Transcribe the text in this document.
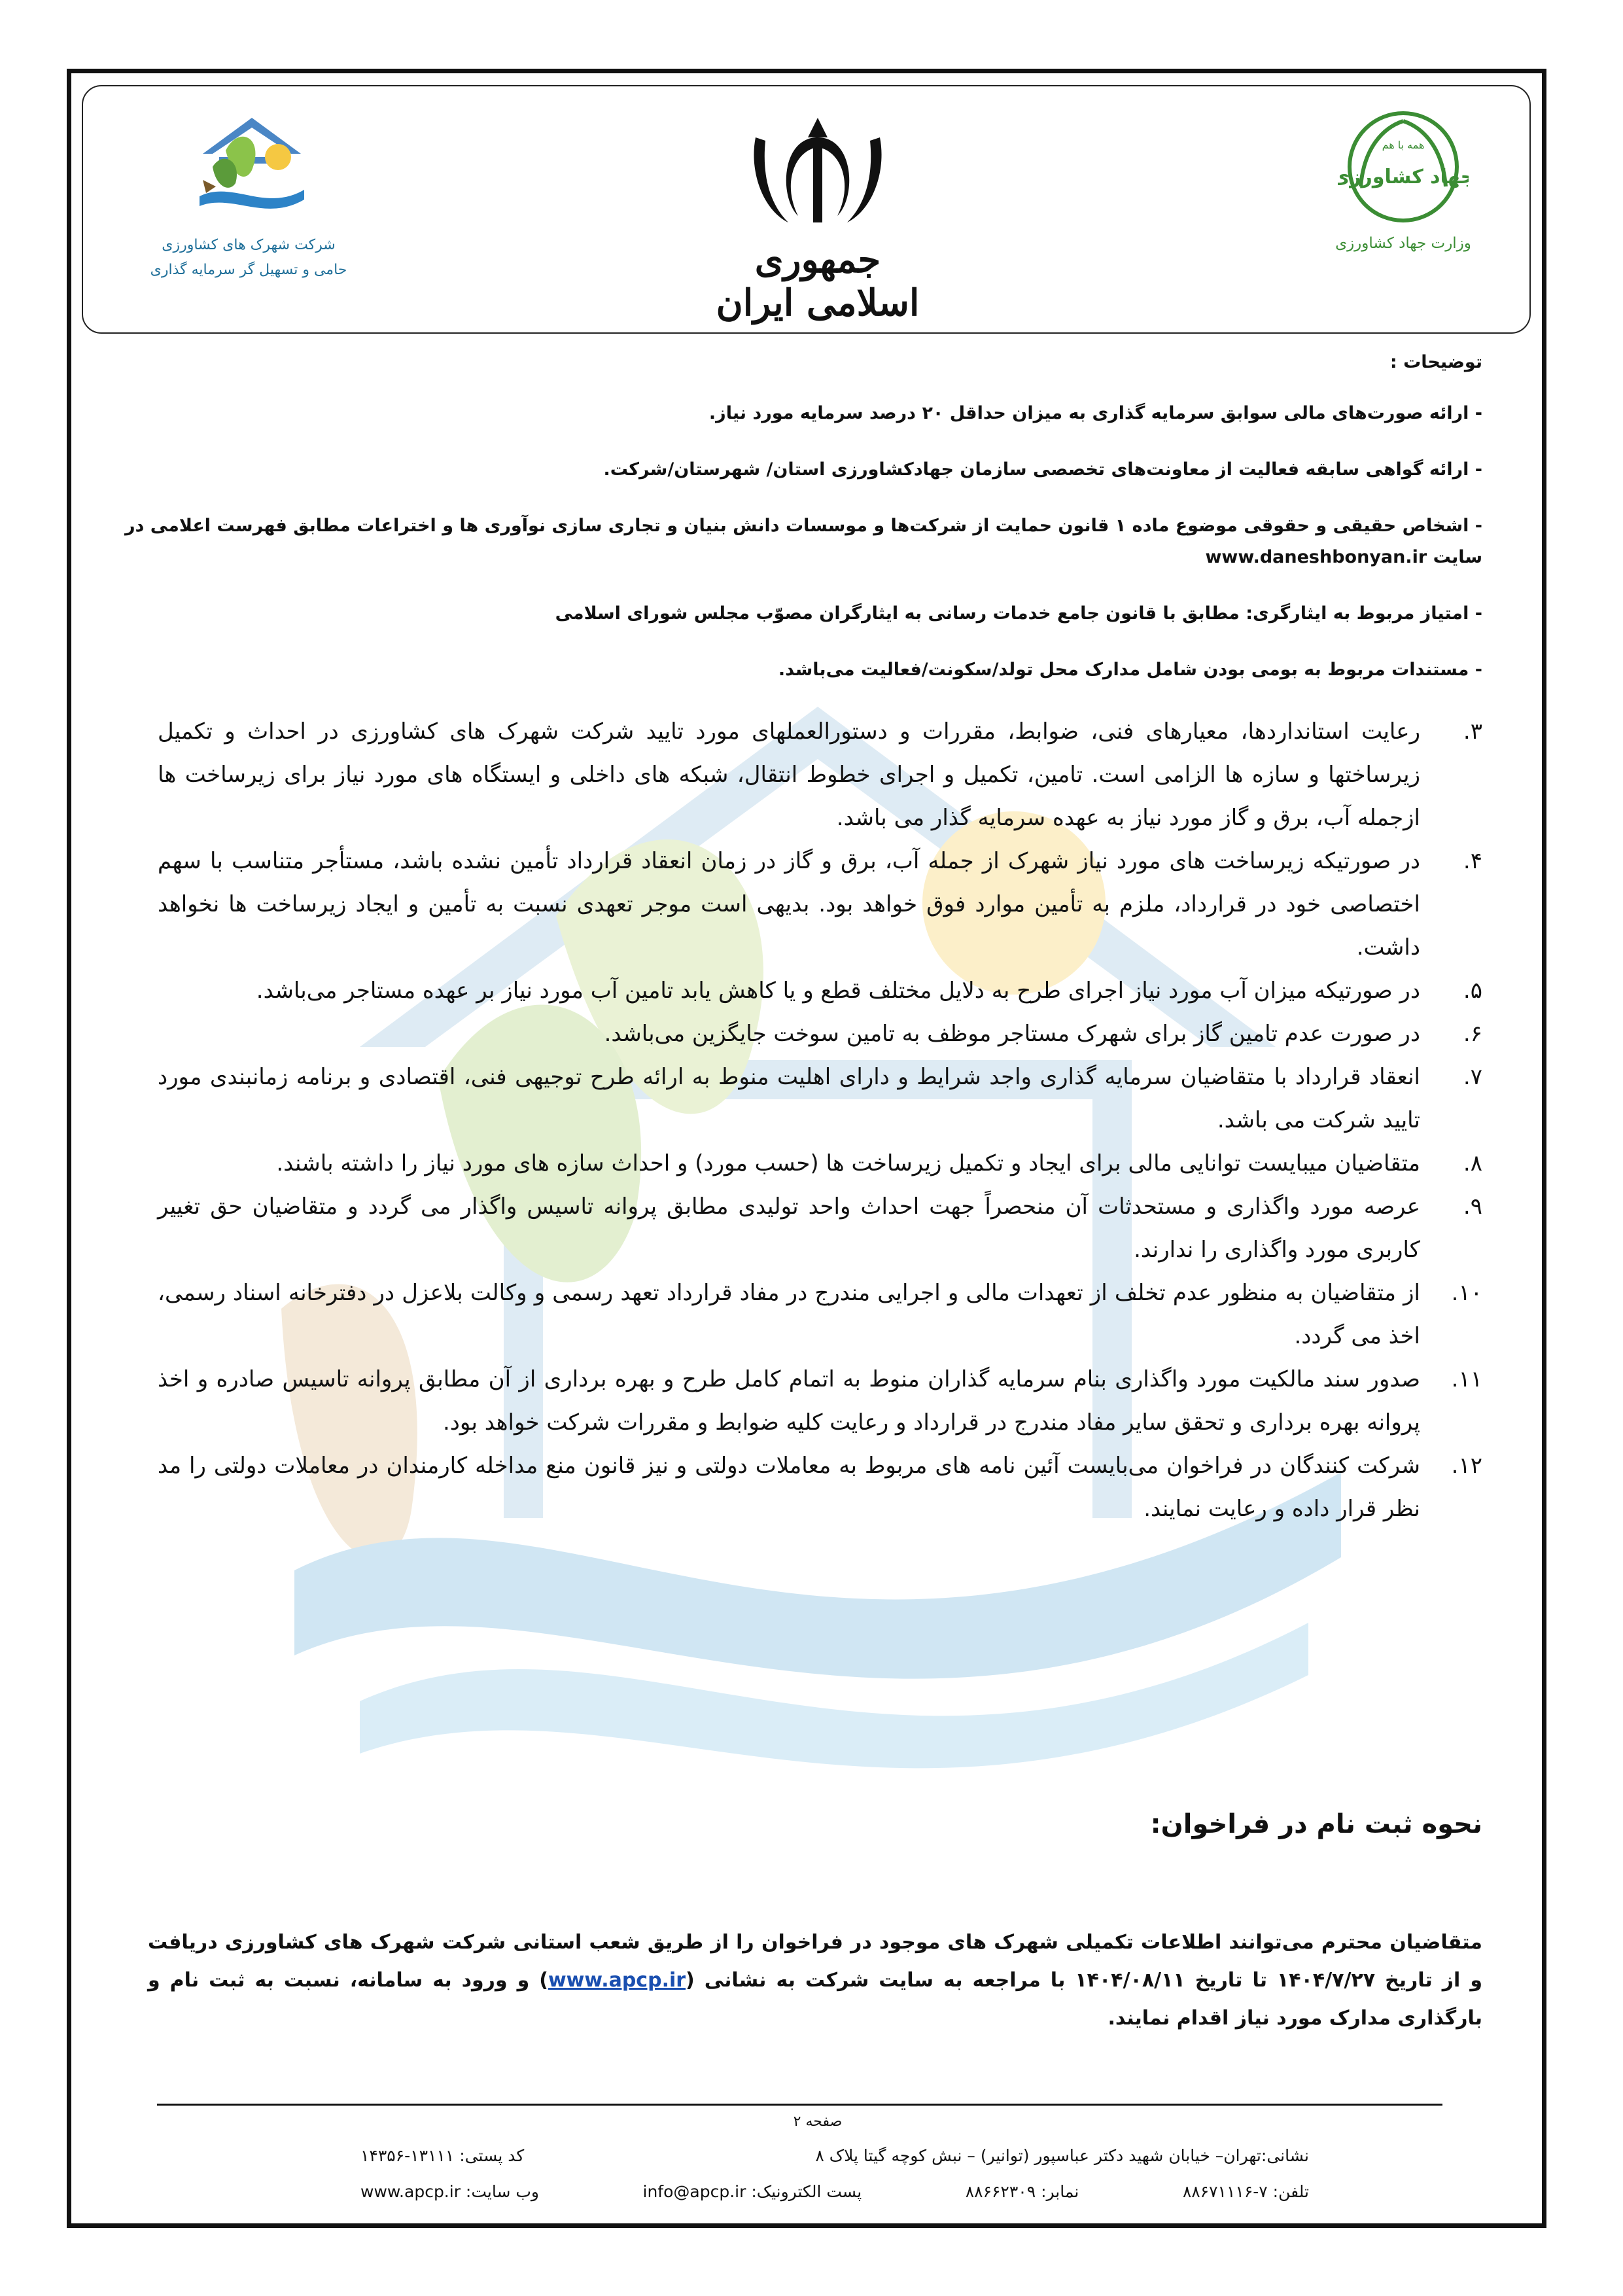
شرکت شهرک های کشاورزی
حامی و تسهیل گر سرمایه گذاری	جمهوری اسلامی ایران
همه با هم
جهاد کشاورزی
وزارت جهاد کشاورزی

توضیحات :

- ارائه صورت‌های مالی سوابق سرمایه گذاری به میزان حداقل ۲۰ درصد سرمایه مورد نیاز.

- ارائه گواهی سابقه فعالیت از معاونت‌های تخصصی سازمان جهادکشاورزی استان/ شهرستان/شرکت.

- اشخاص حقیقی و حقوقی موضوع ماده ۱ قانون حمایت از شرکت‌ها و موسسات دانش بنیان و تجاری سازی نوآوری ها و اختراعات مطابق فهرست اعلامی در سایت www.daneshbonyan.ir

- امتیاز مربوط به ایثارگری: مطابق با قانون جامع خدمات رسانی به ایثارگران مصوّب مجلس شورای اسلامی

- مستندات مربوط به بومی بودن شامل مدارک محل تولد/سکونت/فعالیت می‌باشد.

۳.
رعایت استانداردها، معیارهای فنی، ضوابط، مقررات و دستورالعملهای مورد تایید شرکت شهرک های کشاورزی در احداث و تکمیل زیرساختها و سازه ها الزامی است. تامین، تکمیل و اجرای خطوط انتقال، شبکه های داخلی و ایستگاه های مورد نیاز برای زیرساخت ها ازجمله آب، برق و گاز مورد نیاز به عهده سرمایه گذار می باشد.
۴.
در صورتیکه زیرساخت های مورد نیاز شهرک از جمله آب، برق و گاز در زمان انعقاد قرارداد تأمین نشده باشد، مستأجر متناسب با سهم اختصاصی خود در قرارداد، ملزم به تأمین موارد فوق خواهد بود. بدیهی است موجر تعهدی نسبت به تأمین و ایجاد زیرساخت ها نخواهد داشت.
۵.
در صورتیکه میزان آب مورد نیاز اجرای طرح به دلایل مختلف قطع و یا کاهش یابد تامین آب مورد نیاز بر عهده مستاجر می‌باشد.
۶.
در صورت عدم تامین گاز برای شهرک مستاجر موظف به تامین سوخت جایگزین می‌باشد.
۷.
انعقاد قرارداد با متقاضیان سرمایه گذاری واجد شرایط و دارای اهلیت منوط به ارائه طرح توجیهی فنی، اقتصادی و برنامه زمانبندی مورد تایید شرکت می باشد.
۸.
متقاضیان میبایست توانایی مالی برای ایجاد و تکمیل زیرساخت ها (حسب مورد) و احداث سازه های مورد نیاز را داشته باشند.
۹.
عرصه مورد واگذاری و مستحدثات آن منحصراً جهت احداث واحد تولیدی مطابق پروانه تاسیس واگذار می گردد و متقاضیان حق تغییر کاربری مورد واگذاری را ندارند.
۱۰.
از متقاضیان به منظور عدم تخلف از تعهدات مالی و اجرایی مندرج در مفاد قرارداد تعهد رسمی و وکالت بلاعزل در دفترخانه اسناد رسمی، اخذ می گردد.
۱۱.
صدور سند مالکیت مورد واگذاری بنام سرمایه گذاران منوط به اتمام کامل طرح و بهره برداری از آن مطابق پروانه تاسیس صادره و اخذ پروانه بهره برداری و تحقق سایر مفاد مندرج در قرارداد و رعایت کلیه ضوابط و مقررات شرکت خواهد بود.
۱۲.
شرکت کنندگان در فراخوان می‌بایست آئین نامه های مربوط به معاملات دولتی و نیز قانون منع مداخله کارمندان در معاملات دولتی را مد نظر قرار داده و رعایت نمایند.
نحوه ثبت نام در فراخوان:
متقاضیان محترم می‌توانند اطلاعات تکمیلی شهرک های موجود در فراخوان را از طریق شعب استانی شرکت شهرک های کشاورزی دریافت و از تاریخ ۱۴۰۴/۷/۲۷ تا تاریخ ۱۴۰۴/۰۸/۱۱ با مراجعه به سایت شرکت به نشانی (www.apcp.ir) و ورود به سامانه، نسبت به ثبت نام و بارگذاری مدارک مورد نیاز اقدام نمایند.
صفحه ۲
نشانی:تهران– خیابان شهید دکتر عباسپور (توانیر) – نبش کوچه گیتا پلاک ۸
کد پستی: ۱۳۱۱۱-۱۴۳۵۶
تلفن: ۷-۸۸۶۷۱۱۱۶
نمابر: ۸۸۶۶۲۳۰۹
پست الکترونیک: info@apcp.ir
وب سایت: www.apcp.ir
